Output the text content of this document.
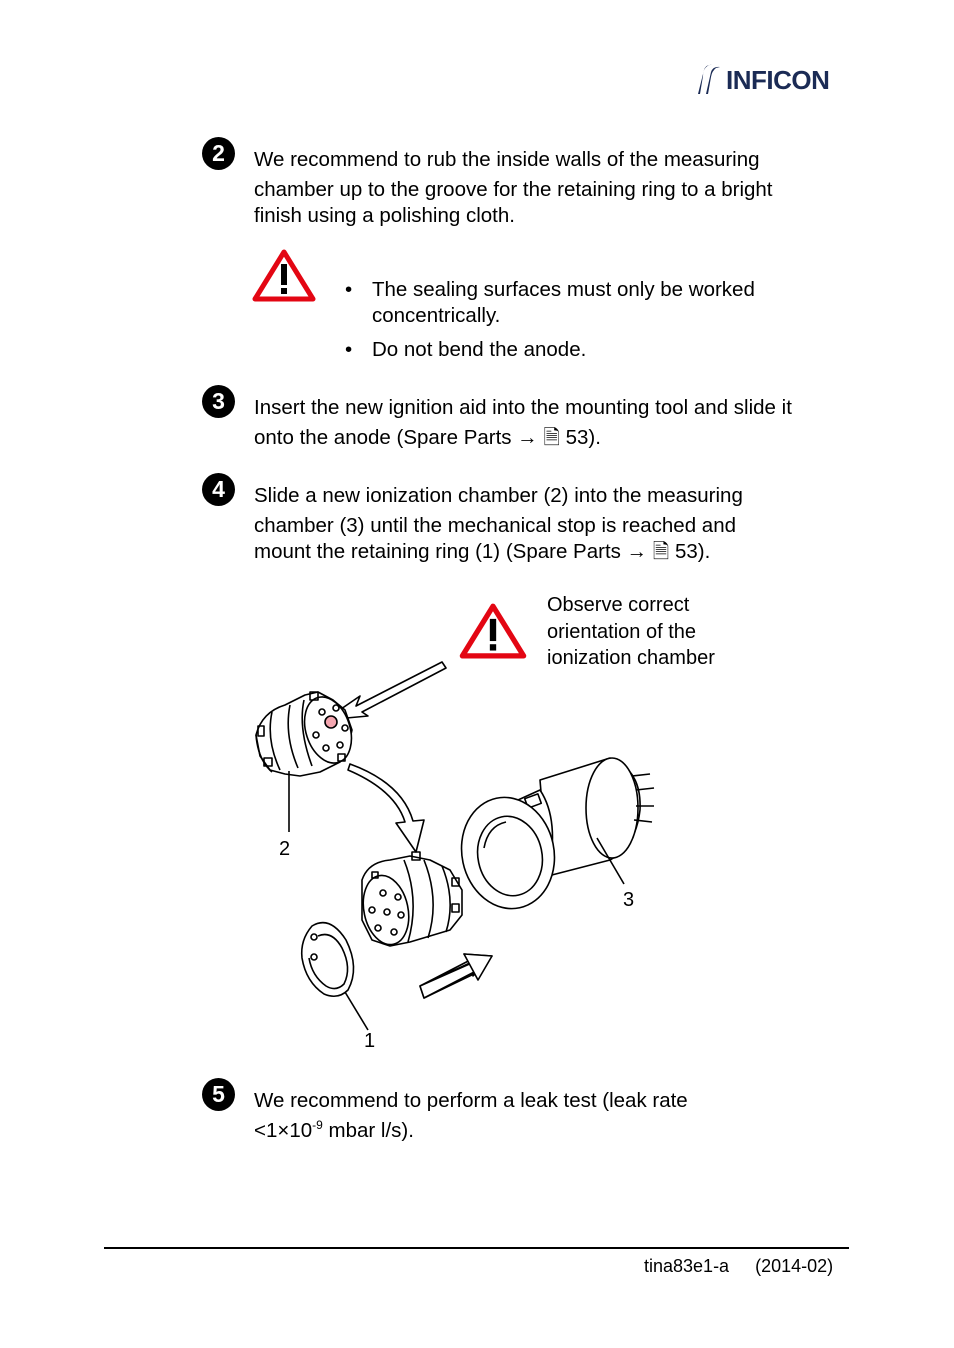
INFICON
2	We recommend to rub the inside walls of the measuring
chamber up to the groove for the retaining ring to a bright
finish using a polishing cloth.
• The sealing surfaces must only be worked concentrically.
• Do not bend the anode.
3	Insert the new ignition aid into the mounting tool and slide it
onto the anode (Spare Parts → 🗎 53).
4	Slide a new ionization chamber (2) into the measuring
chamber (3) until the mechanical stop is reached and
mount the retaining ring (1) (Spare Parts → 🗎 53).
Observe correct
orientation of the
ionization chamber
2
3
1
5	We recommend to perform a leak test (leak rate
$<1\times 10^{-9}$ mbar l/s).
tina83e1-a (2014-02)
